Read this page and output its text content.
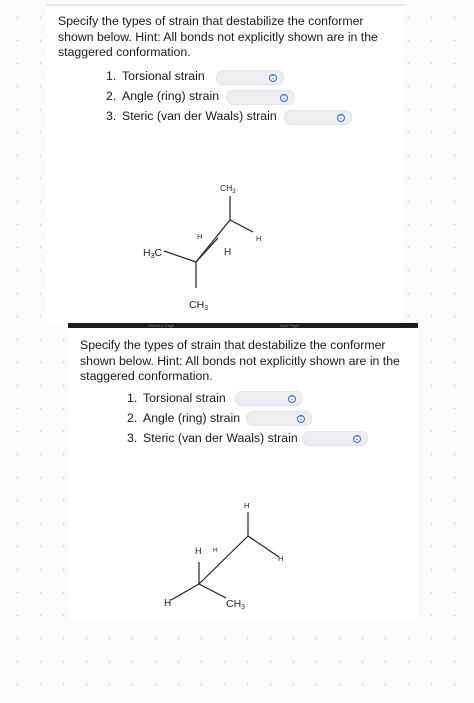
Specify the types of strain that destabilize the conformer shown below. Hint: All bonds not explicitly shown are in the staggered conformation.

1. Torsional strain
2. Angle (ring) strain
3. Steric (van der Waals) strain
$CH_3$
H3C
CH3
H
H
H
Previous Page	Next Page

Specify the types of strain that destabilize the conformer shown below. Hint: All bonds not explicitly shown are in the staggered conformation.

1. Torsional strain
2. Angle (ring) strain
3. Steric (van der Waals) strain
H
H H
H
H	CH3
